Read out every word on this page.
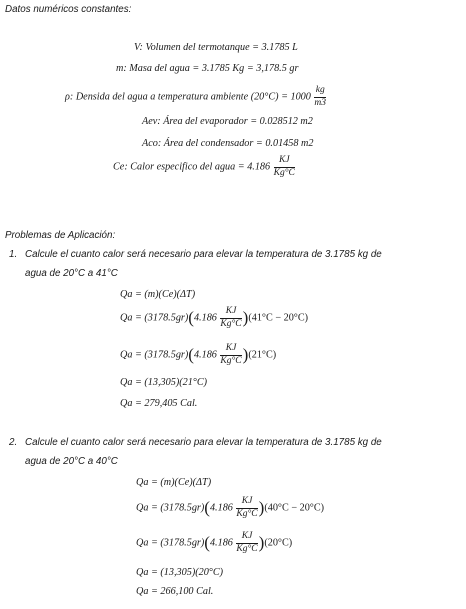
Datos numéricos constantes:
V: Volumen del termotanque = 3.1785 L
m: Masa del agua = 3.1785 Kg = 3,178.5 gr
ρ: Densida del agua a temperatura ambiente $(20^\circ C) = 1000 \frac{kg}{m3}$
Aev: Área del evaporador = 0.028512 m2
Aco: Área del condensador = 0.01458 m2
Ce: Calor especifico del agua = $4.186 \frac{KJ}{Kg^\circ C}$
Problemas de Aplicación:
1. Calcule el cuanto calor será necesario para elevar la temperatura de 3.1785 kg de
agua de 20°C a 41°C
Qa = (m)(Ce)(ΔT)
$Qa = (3178.5gr)(4.186 \frac{KJ}{Kg^\circ C} )(41^\circ C - 20^\circ C)$
$Qa = (3178.5gr)(4.186 \frac{KJ}{Kg^\circ C} )(21^\circ C)$
Qa = (13,305)(21°C)
Qa = 279,405 Cal.
2. Calcule el cuanto calor será necesario para elevar la temperatura de 3.1785 kg de
agua de 20°C a 40°C
Qa = (m)(Ce)(ΔT)
$Qa = (3178.5gr)(4.186 \frac{KJ}{Kg^\circ C} )(40^\circ C - 20^\circ C)$
$Qa = (3178.5gr)(4.186 \frac{KJ}{Kg^\circ C} )(20^\circ C)$
Qa = (13,305)(20°C)
Qa = 266,100 Cal.
